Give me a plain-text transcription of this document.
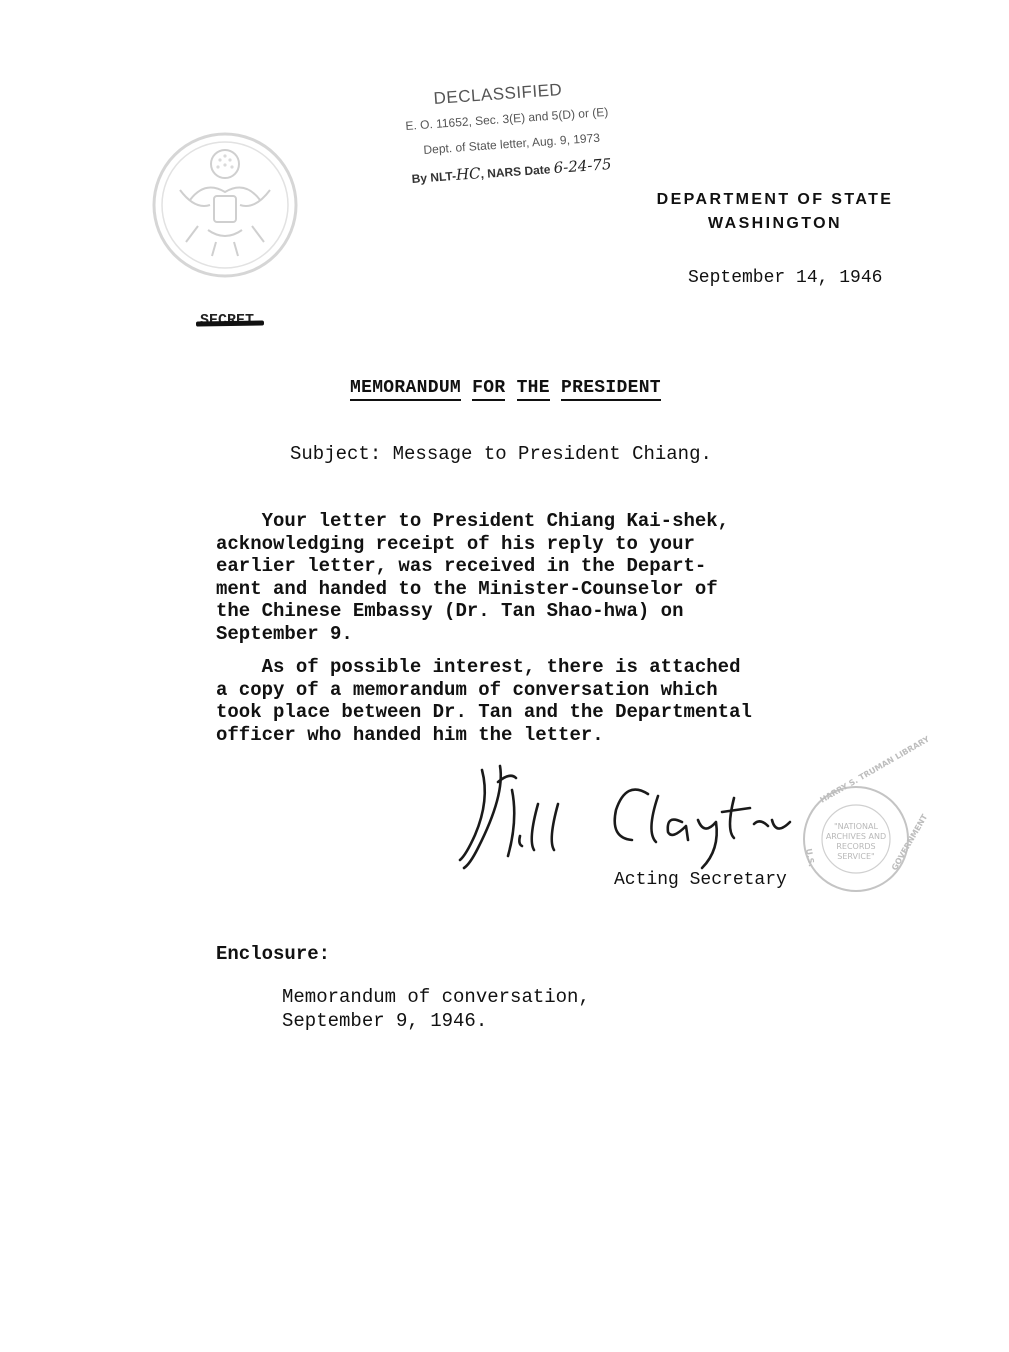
DECLASSIFIED
E. O. 11652, Sec. 3(E) and 5(D) or (E)
Dept. of State letter, Aug. 9, 1973
By NLT-HC, NARS Date 6-24-75
DEPARTMENT OF STATE
WASHINGTON
September 14, 1946
MEMORANDUM FOR THE PRESIDENT
Subject: Message to President Chiang.
Your letter to President Chiang Kai-shek,
acknowledging receipt of his reply to your
earlier letter, was received in the Depart-
ment and handed to the Minister-Counselor of
the Chinese Embassy (Dr. Tan Shao-hwa) on
September 9.
As of possible interest, there is attached
a copy of a memorandum of conversation which
took place between Dr. Tan and the Departmental
officer who handed him the letter.
"NATIONAL
ARCHIVES AND
RECORDS
SERVICE"
HARRY S. TRUMAN LIBRARY
U.S.	GOVERNMENT
Acting Secretary
Enclosure:
Memorandum of conversation,
September 9, 1946.
